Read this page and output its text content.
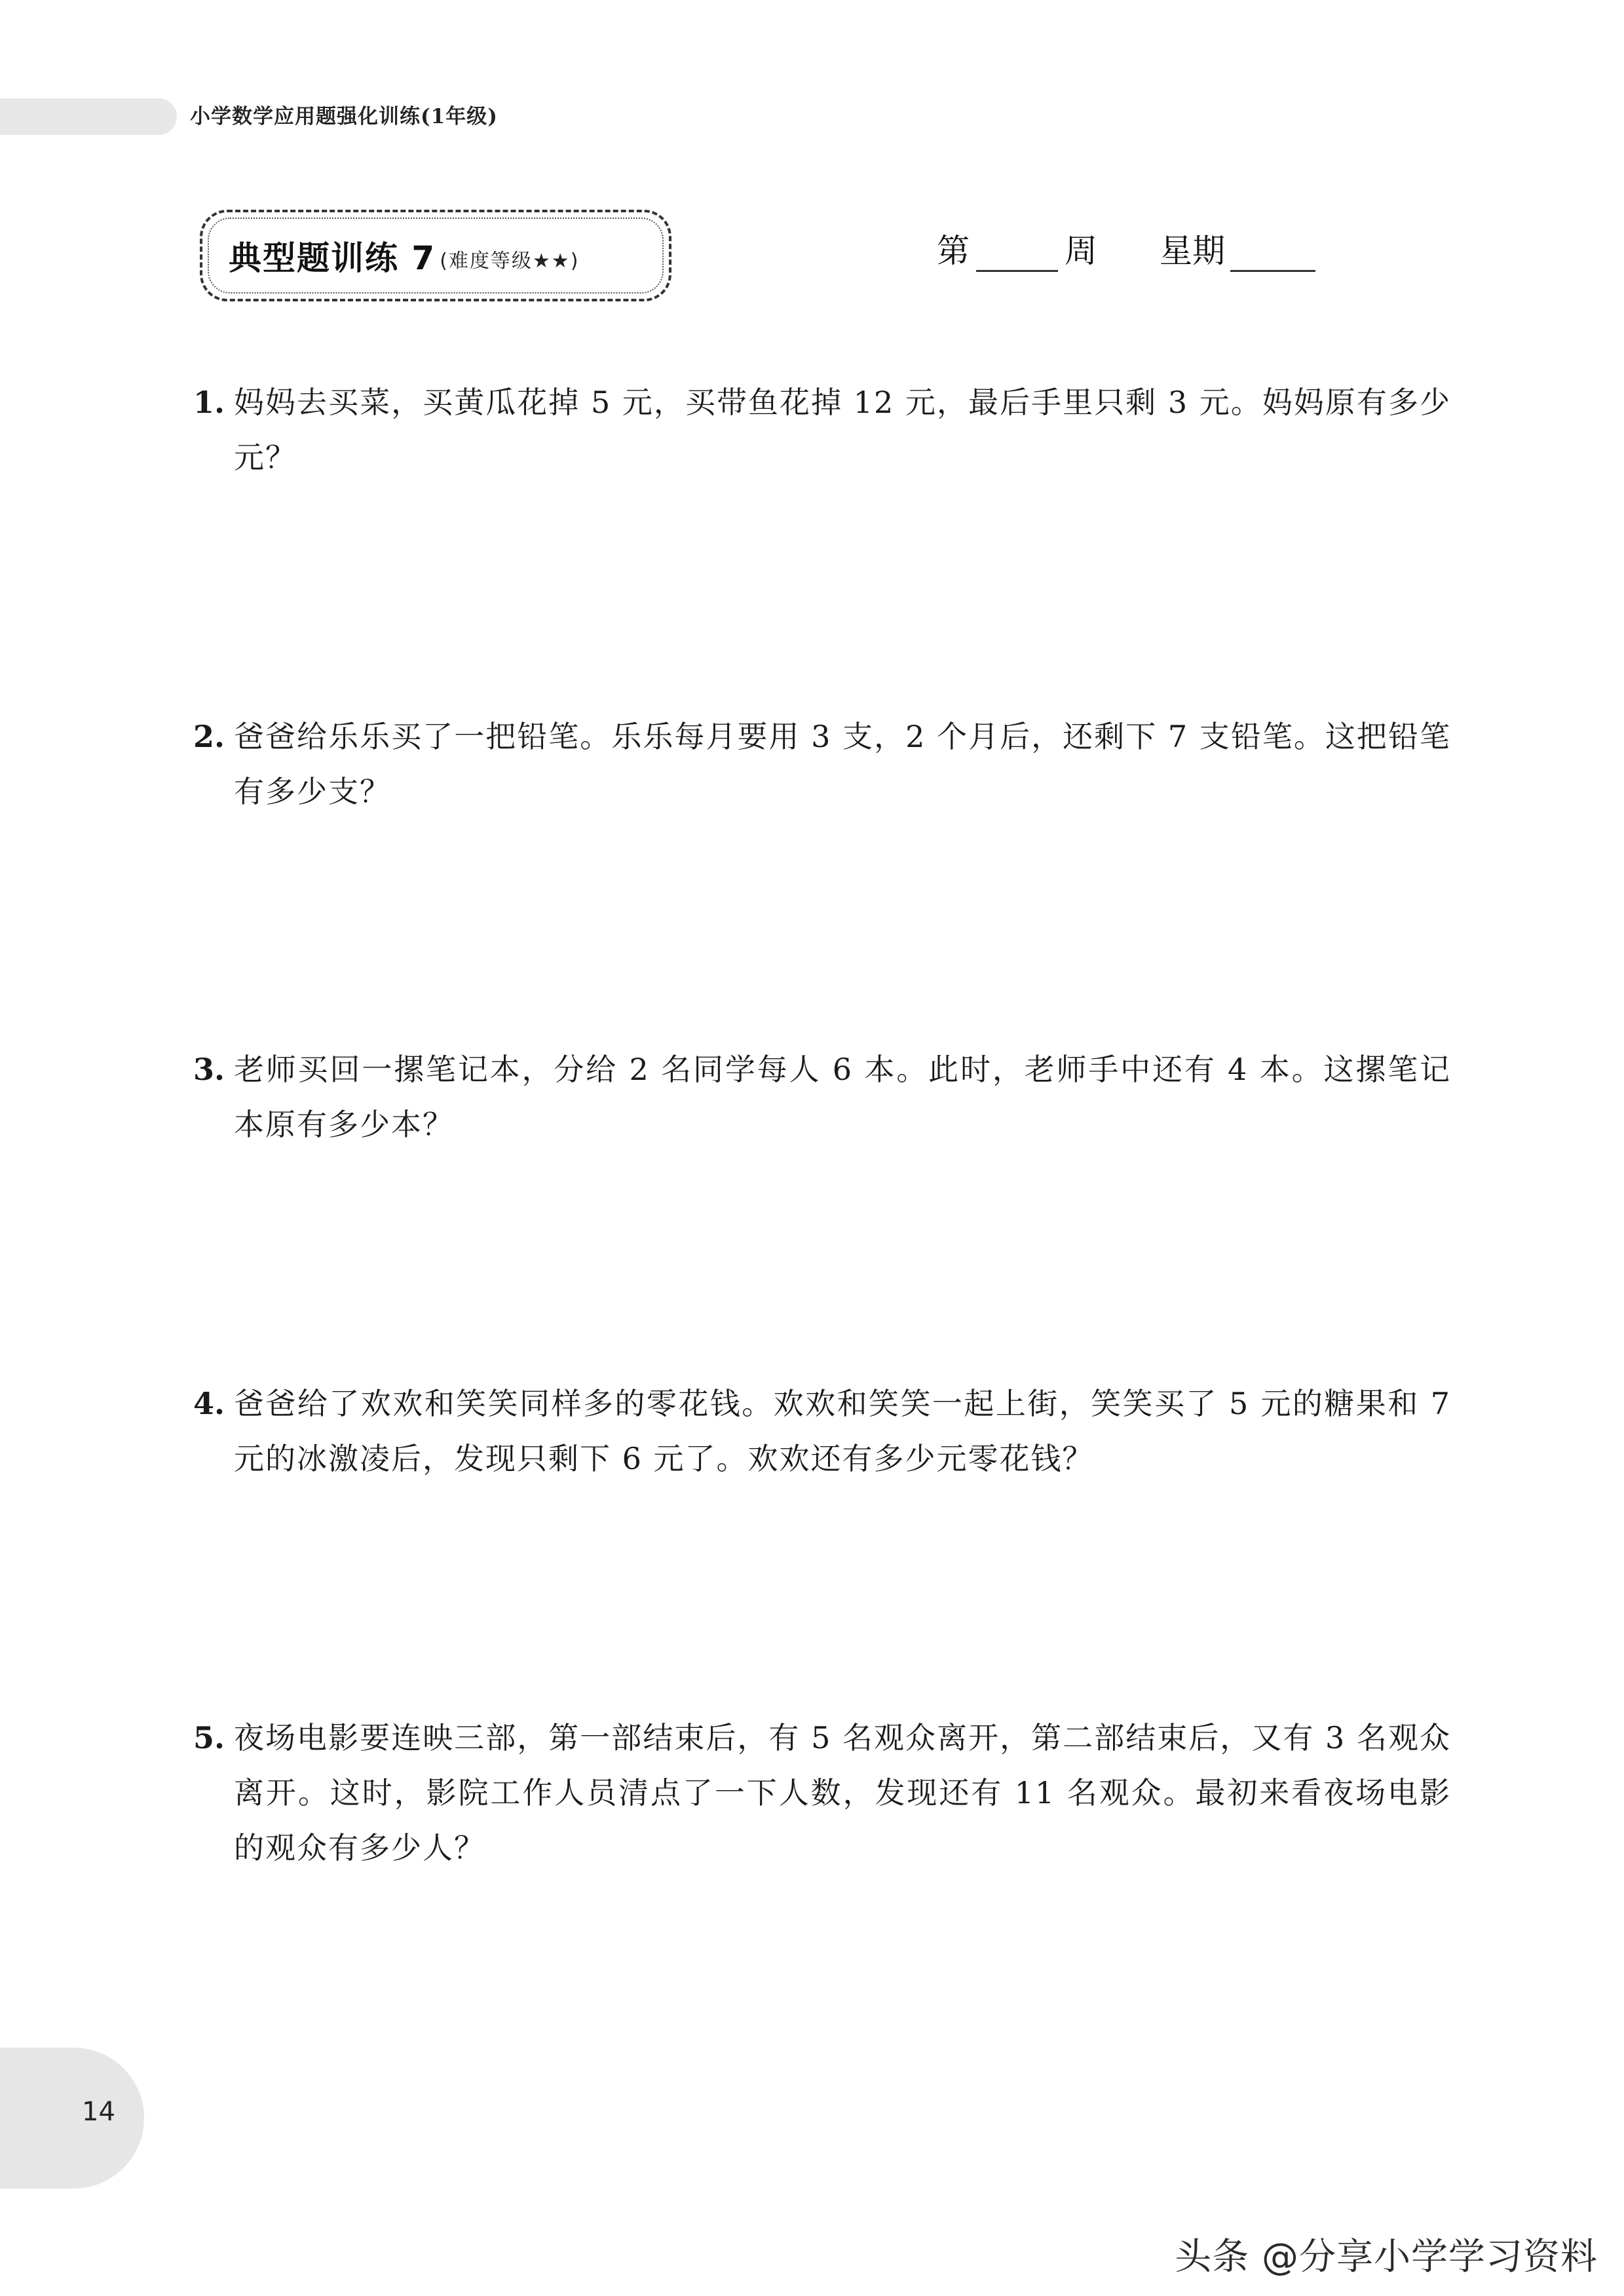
小学数学应用题强化训练(1年级)
典型题训练 7 (难度等级★★)	第	周 星期
1. 妈妈去买菜，买黄瓜花掉 5 元，买带鱼花掉 12 元，最后手里只剩 3 元。妈妈原有多少元？
2. 爸爸给乐乐买了一把铅笔。乐乐每月要用 3 支，2 个月后，还剩下 7 支铅笔。这把铅笔有多少支？
3. 老师买回一摞笔记本，分给 2 名同学每人 6 本。此时，老师手中还有 4 本。这摞笔记本原有多少本？
4. 爸爸给了欢欢和笑笑同样多的零花钱。欢欢和笑笑一起上街，笑笑买了 5 元的糖果和 7 元的冰激凌后，发现只剩下 6 元了。欢欢还有多少元零花钱？
5. 夜场电影要连映三部，第一部结束后，有 5 名观众离开，第二部结束后，又有 3 名观众离开。这时，影院工作人员清点了一下人数，发现还有 11 名观众。最初来看夜场电影的观众有多少人？
14
头条 @分享小学学习资料
